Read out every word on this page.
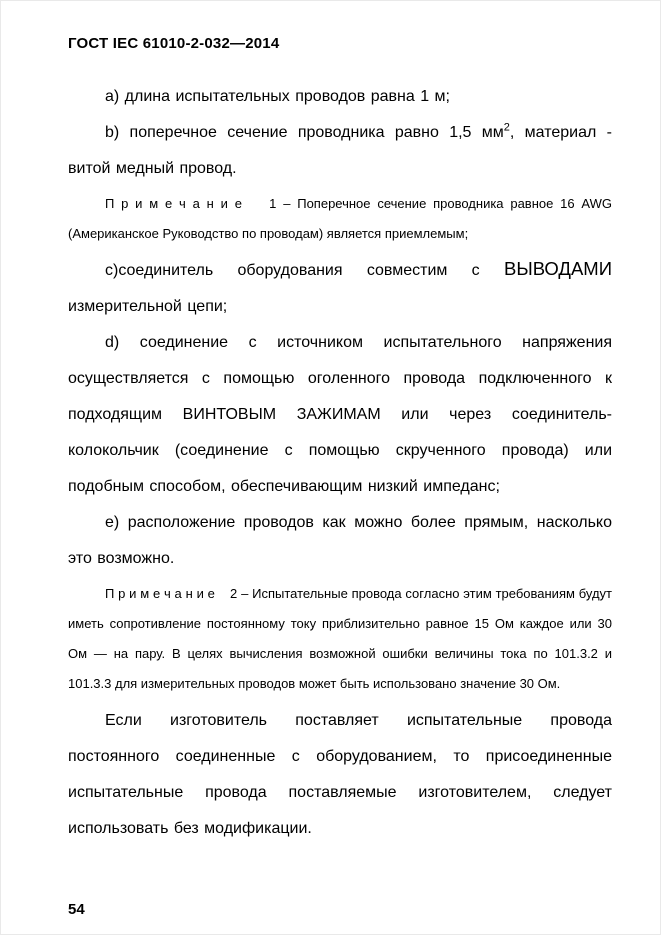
ГОСТ IEC 61010-2-032—2014

a) длина испытательных проводов равна 1 м;

b) поперечное сечение проводника равно 1,5 $мм^2$, материал - витой медный провод.

П р и м е ч а н и е    1 – Поперечное сечение проводника равное 16 AWG (Американское Руководство по проводам) является приемлемым;

c)соединитель оборудования совместим с ВЫВОДАМИ измерительной цепи;

d) соединение с источником испытательного напряжения осуществляется с помощью оголенного провода подключенного к подходящим ВИНТОВЫМ ЗАЖИМАМ или через соединитель-колокольчик (соединение с помощью скрученного провода) или подобным способом, обеспечивающим низкий импеданс;

e) расположение проводов как можно более прямым, насколько это возможно.

П р и м е ч а н и е    2 – Испытательные провода согласно этим требованиям будут иметь сопротивление постоянному току приблизительно равное 15 Ом каждое или 30 Ом — на пару. В целях вычисления возможной ошибки величины тока по 101.3.2 и 101.3.3 для измерительных проводов может быть использовано значение 30 Ом.

Если изготовитель поставляет испытательные провода постоянного соединенные с оборудованием, то присоединенные испытательные провода поставляемые изготовителем, следует использовать без модификации.

54
